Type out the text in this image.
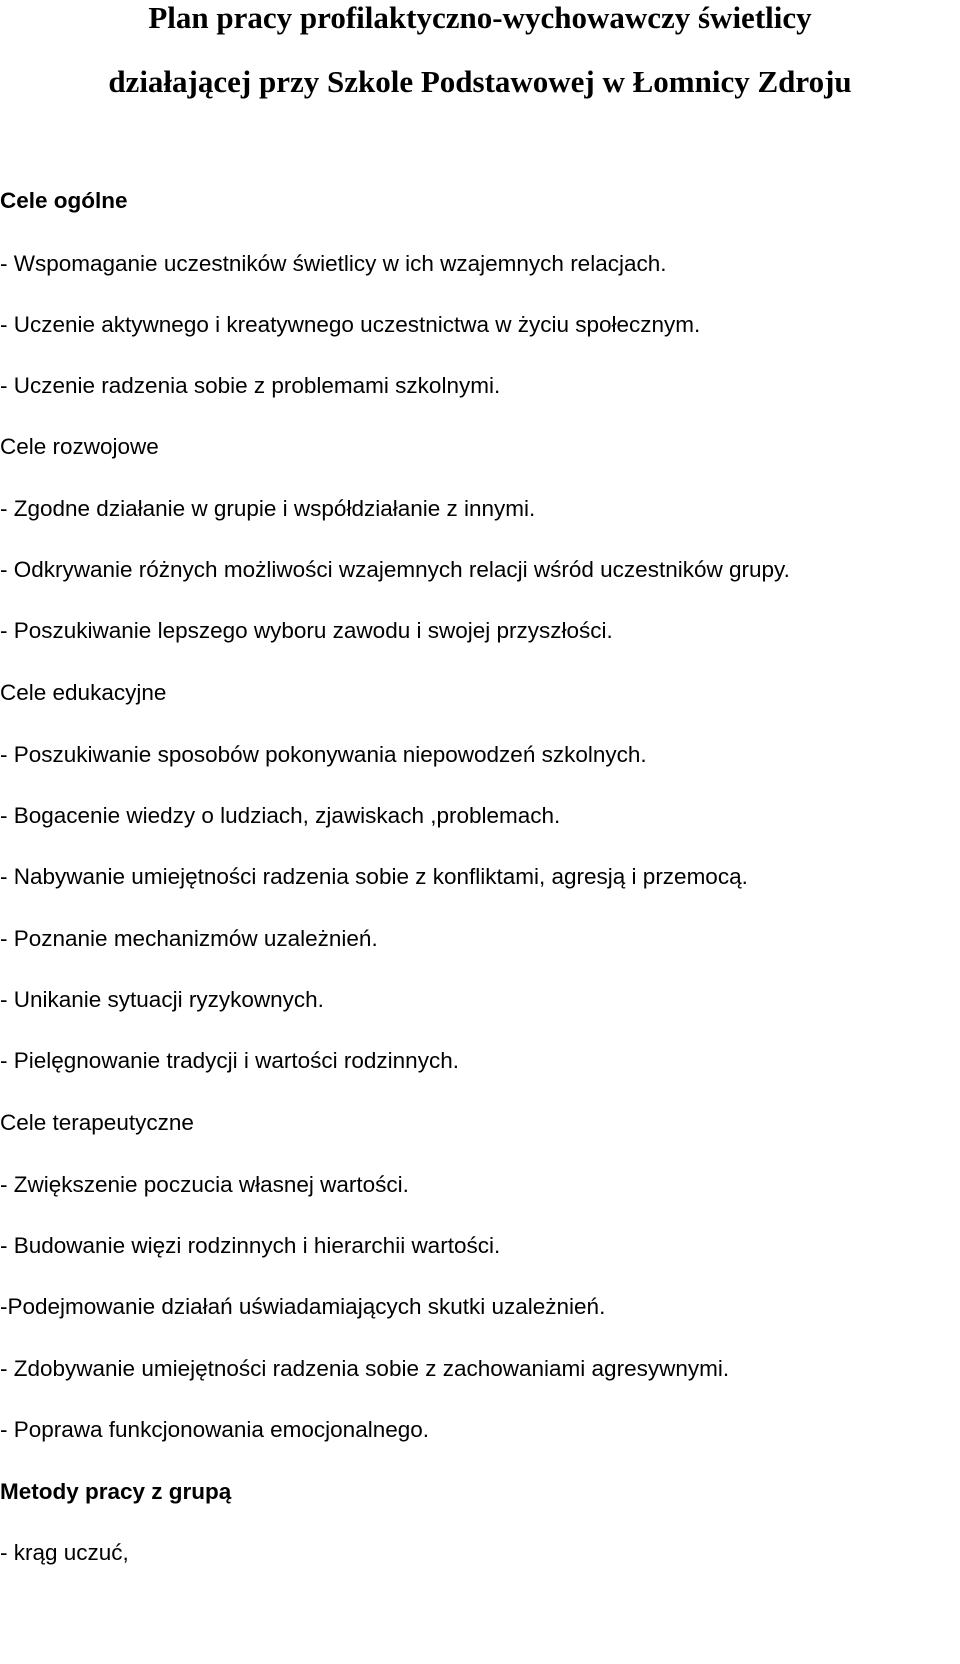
Plan pracy profilaktyczno-wychowawczy świetlicy
działającej przy Szkole Podstawowej w Łomnicy Zdroju
Cele ogólne
- Wspomaganie uczestników świetlicy w ich wzajemnych relacjach.
- Uczenie aktywnego i kreatywnego uczestnictwa w życiu społecznym.
- Uczenie radzenia sobie z problemami szkolnymi.
Cele rozwojowe
- Zgodne działanie w grupie i współdziałanie z innymi.
- Odkrywanie różnych możliwości wzajemnych relacji wśród uczestników grupy.
- Poszukiwanie lepszego wyboru zawodu i swojej przyszłości.
Cele edukacyjne
- Poszukiwanie sposobów pokonywania niepowodzeń szkolnych.
- Bogacenie wiedzy o ludziach, zjawiskach ,problemach.
- Nabywanie umiejętności radzenia sobie z konfliktami, agresją i przemocą.
- Poznanie mechanizmów uzależnień.
- Unikanie sytuacji ryzykownych.
- Pielęgnowanie tradycji i wartości rodzinnych.
Cele terapeutyczne
- Zwiększenie poczucia własnej wartości.
- Budowanie więzi rodzinnych i hierarchii wartości.
-Podejmowanie działań uświadamiających skutki uzależnień.
- Zdobywanie umiejętności radzenia sobie z zachowaniami agresywnymi.
- Poprawa funkcjonowania emocjonalnego.
Metody pracy z grupą
- krąg uczuć,
